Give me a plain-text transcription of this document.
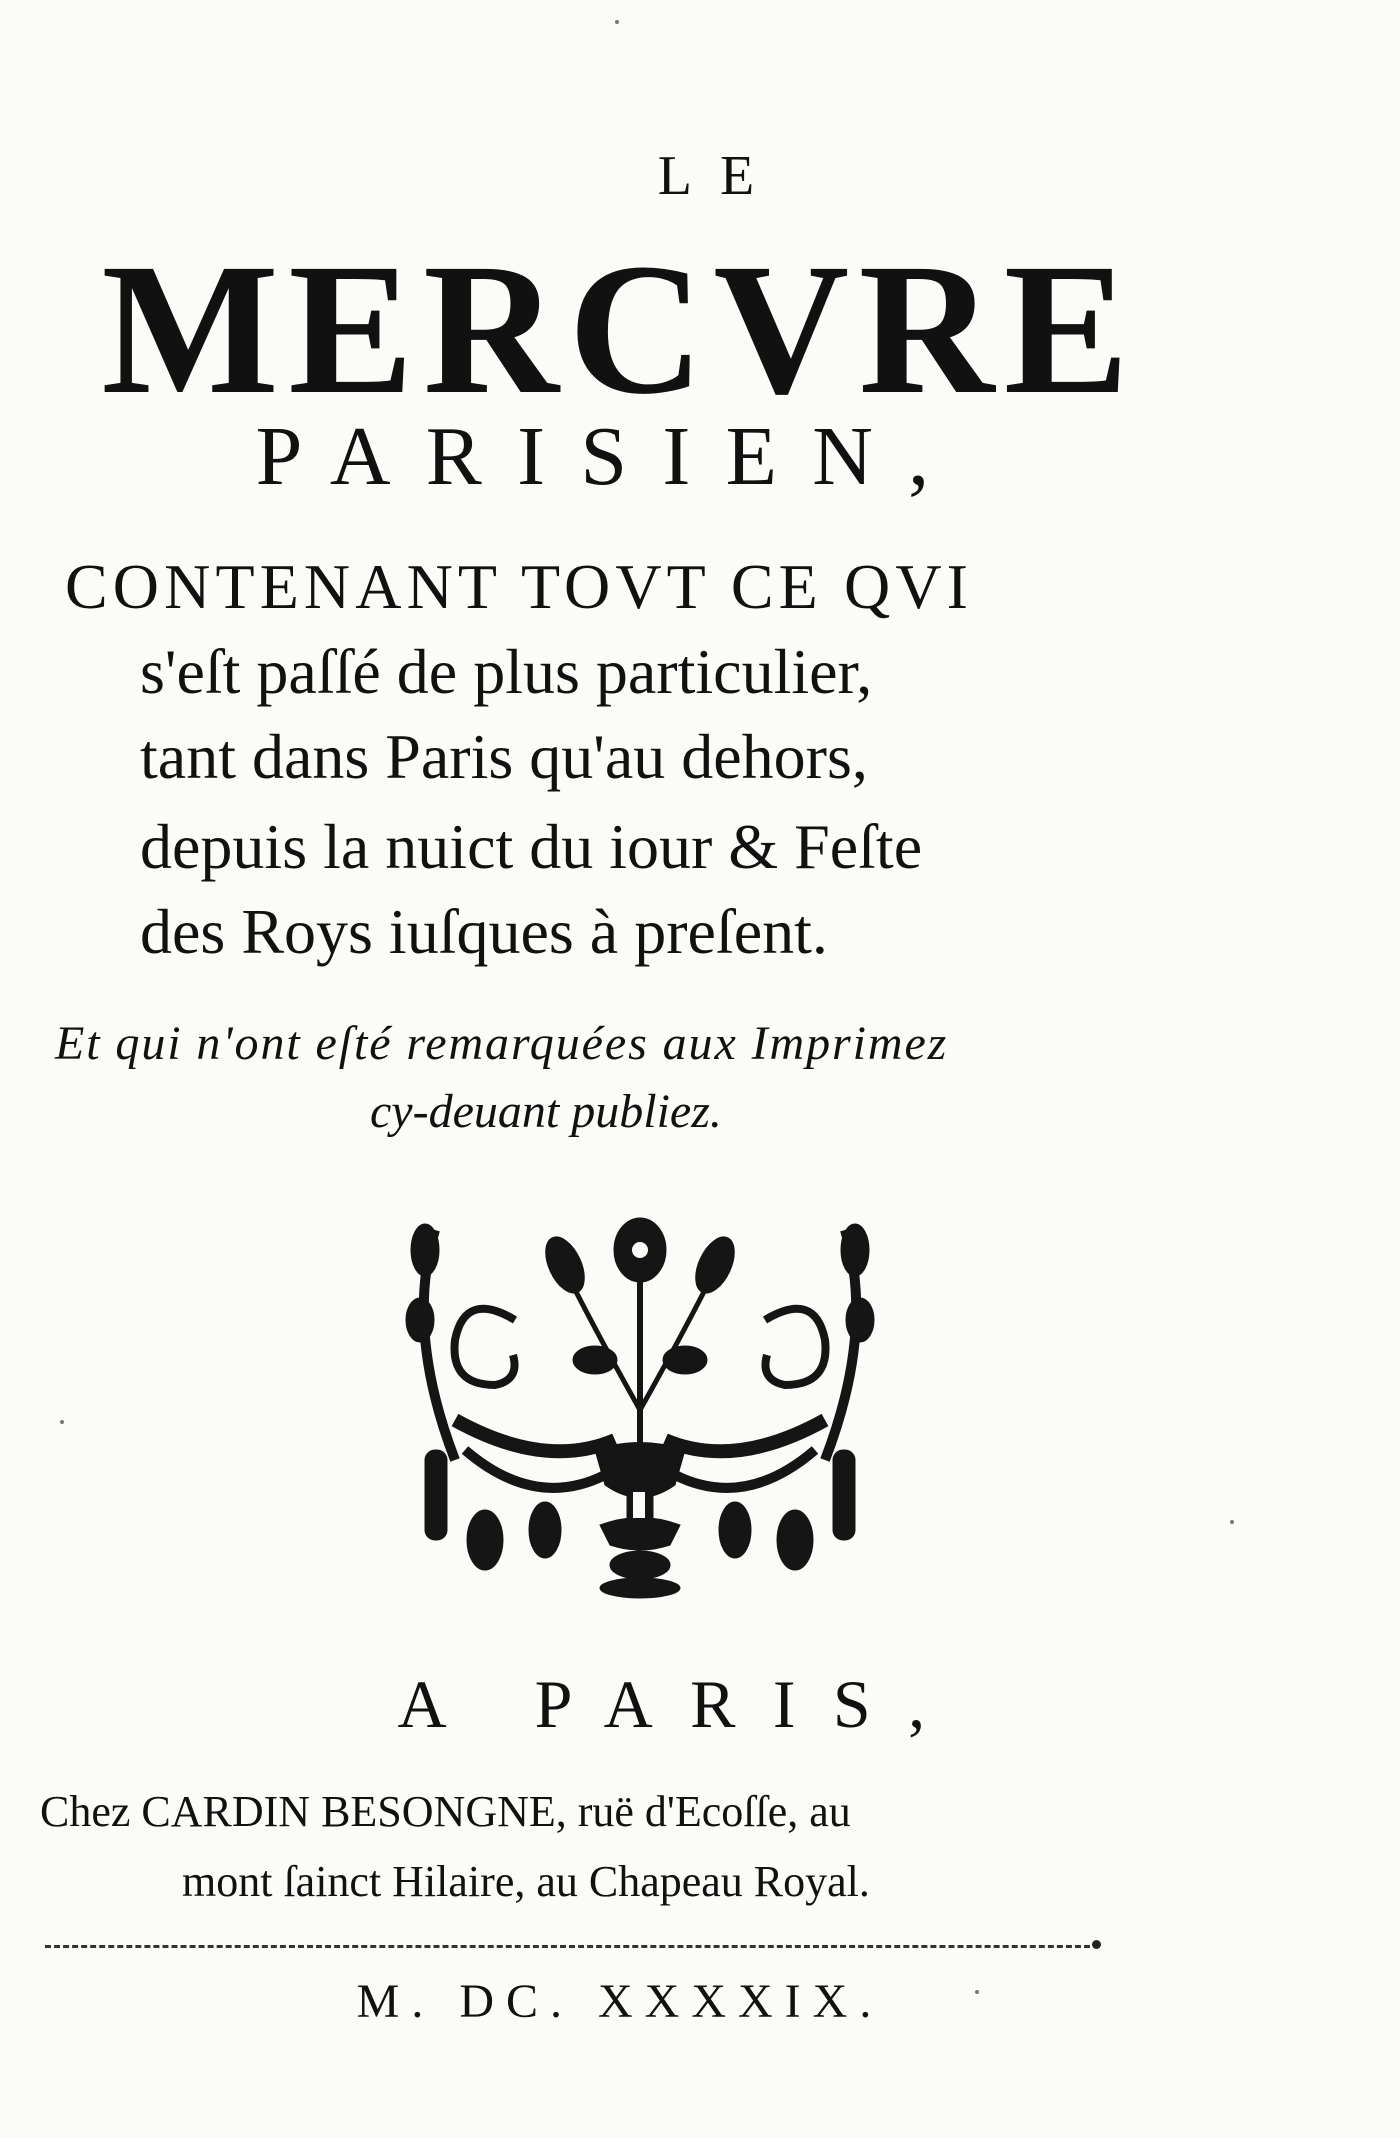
LE
MERCVRE
PARISIEN,
CONTENANT TOVT CE QVI
s'eſt paſſé de plus particulier,
tant dans Paris qu'au dehors,
depuis la nuict du iour & Feſte
des Roys iuſques à preſent.
Et qui n'ont eſté remarquées aux Imprimez
cy-deuant publiez.
A PARIS,
Chez CARDIN BESONGNE, ruë d'Ecoſſe, au
mont ſainct Hilaire, au Chapeau Royal.
M. DC. XXXXIX.
